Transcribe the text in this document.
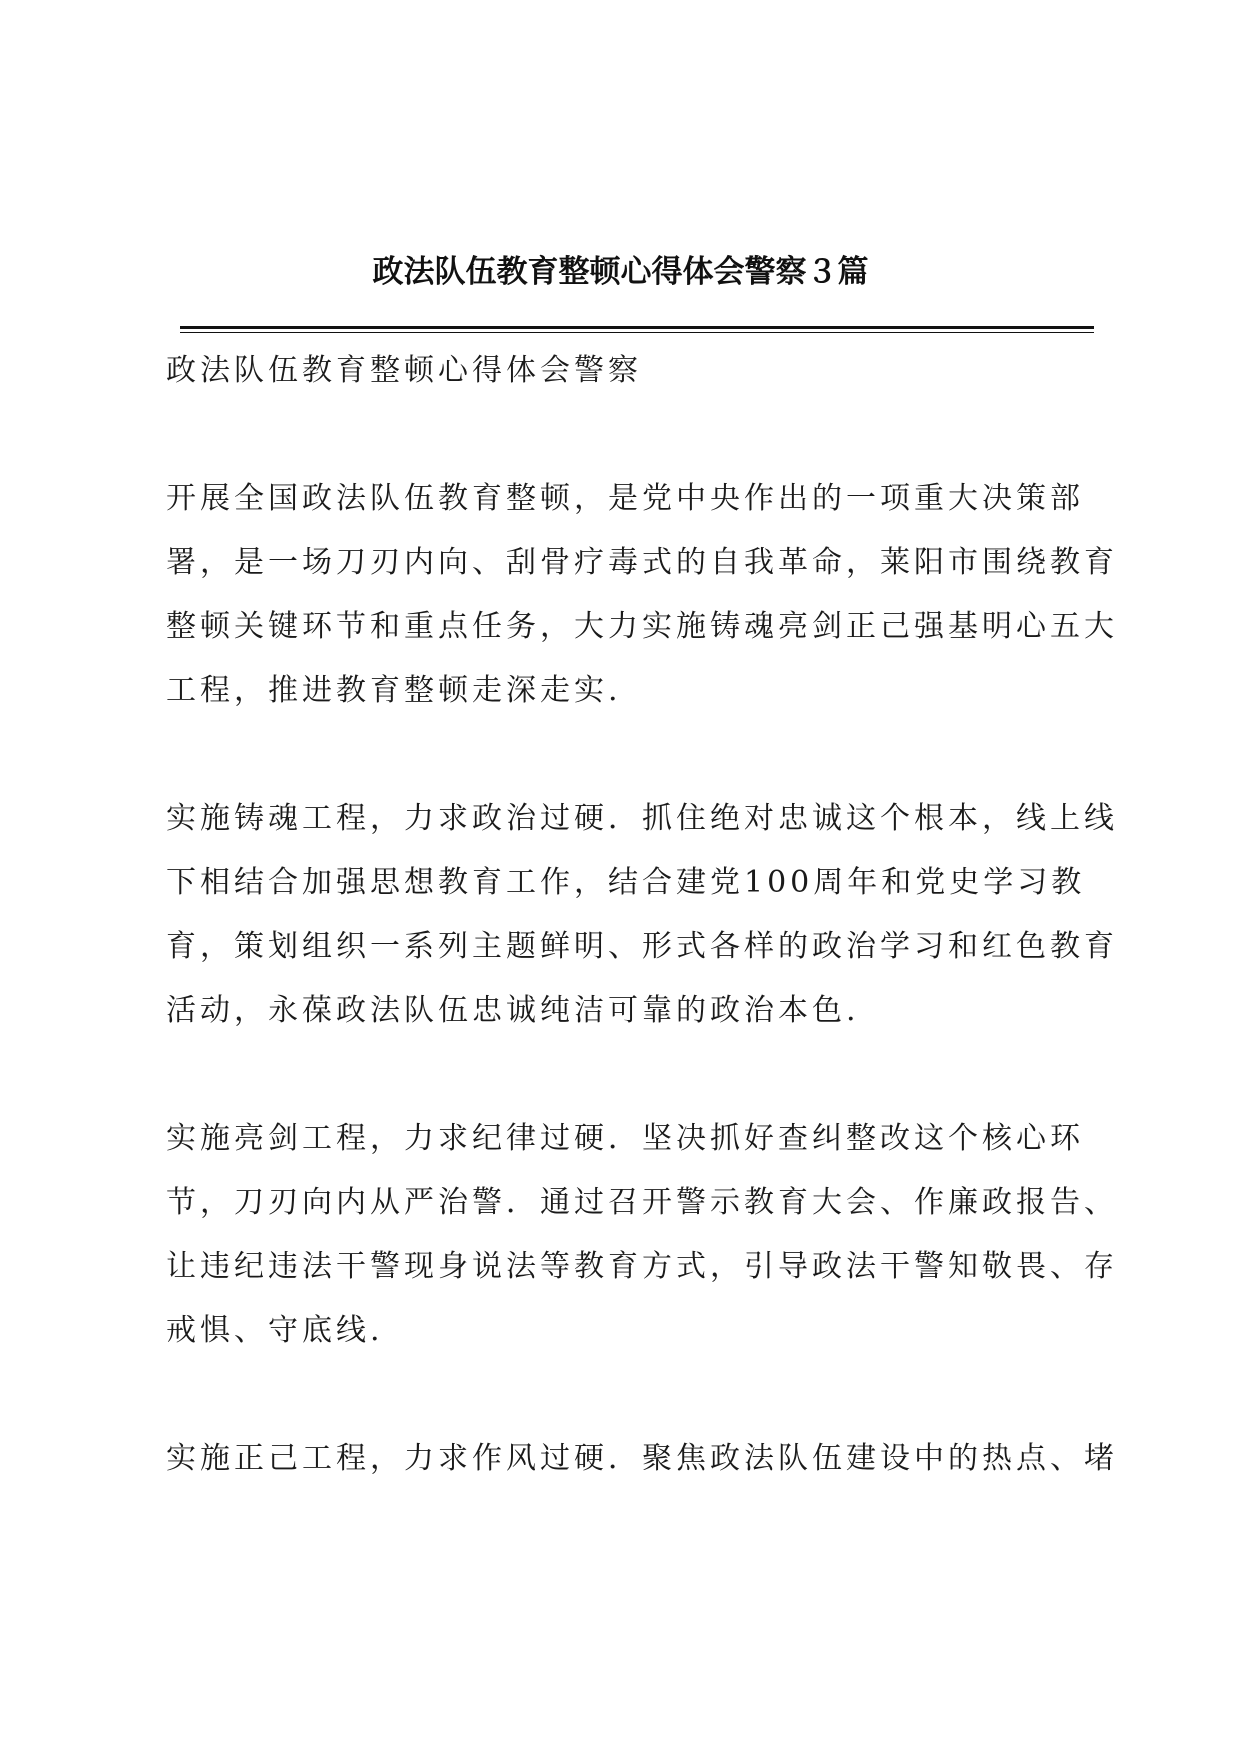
政法队伍教育整顿心得体会警察３篇
政法队伍教育整顿心得体会警察
开展全国政法队伍教育整顿，是党中央作出的一项重大决策部
署，是一场刀刃内向、刮骨疗毒式的自我革命，莱阳市围绕教育
整顿关键环节和重点任务，大力实施铸魂亮剑正己强基明心五大
工程，推进教育整顿走深走实.
实施铸魂工程，力求政治过硬．抓住绝对忠诚这个根本，线上线
下相结合加强思想教育工作，结合建党100周年和党史学习教
育，策划组织一系列主题鲜明、形式各样的政治学习和红色教育
活动，永葆政法队伍忠诚纯洁可靠的政治本色.
实施亮剑工程，力求纪律过硬．坚决抓好查纠整改这个核心环
节，刀刃向内从严治警．通过召开警示教育大会、作廉政报告、
让违纪违法干警现身说法等教育方式，引导政法干警知敬畏、存
戒惧、守底线.
实施正己工程，力求作风过硬．聚焦政法队伍建设中的热点、堵
